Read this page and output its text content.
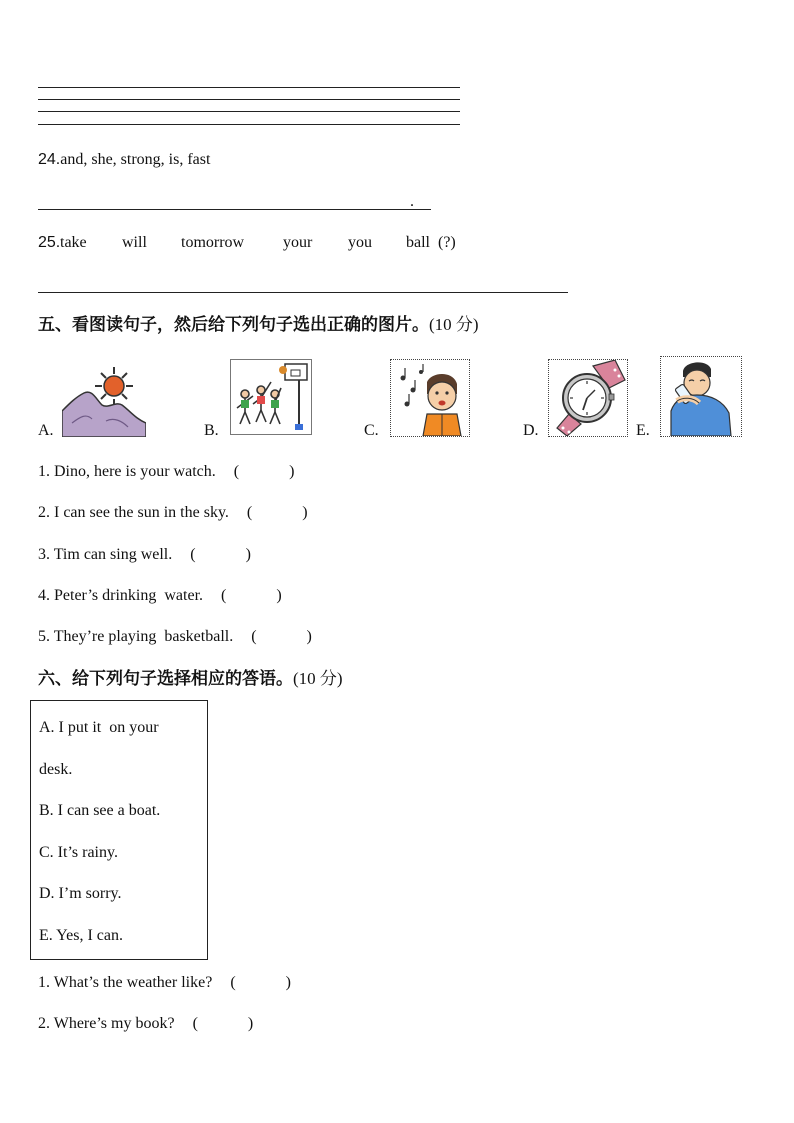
24.and, she, strong, is, fast
.
25. take will tomorrow your you ball (?)
五、看图读句子，然后给下列句子选出正确的图片。(10 分)
A.	B.	C.	D.	E.
1. Dino, here is your watch. (	)
2. I can see the sun in the sky. (	)
3. Tim can sing well. (	)
4. Peter’s drinking  water. (	)
5. They’re playing  basketball. (	)
六、给下列句子选择相应的答语。(10 分)
A. I put it  on your
desk.
B. I can see a boat.
C. It’s rainy.
D. I’m sorry.
E. Yes, I can.
1. What’s the weather like? (	)
2. Where’s my book? (	)
